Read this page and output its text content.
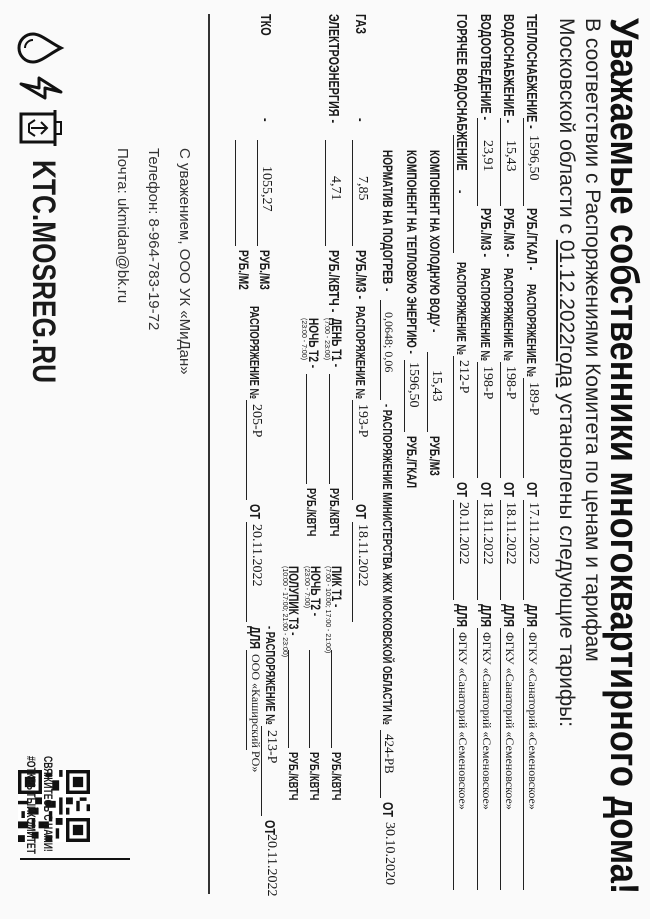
Уважаемые собственники многоквартирного дома!
В соответствии с Распоряжениями Комитета по ценам и тарифам
Московской области с 01.12.2022года установлены следующие тарифы:
ТЕПЛОСНАБЖЕНИЕ -
1596,50
РУБ./ГКАЛ -
РАСПОРЯЖЕНИЕ №
189-Р
ОТ
17.11.2022
ДЛЯ
ФГКУ «Санаторий «Семеновское»
ВОДОСНАБЖЕНИЕ -
15,43
РУБ./М3 -
РАСПОРЯЖЕНИЕ №
198-Р
ОТ
18.11.2022
ДЛЯ
ФГКУ «Санаторий «Семеновское»
ВОДООТВЕДЕНИЕ -
23,91
РУБ./М3 -
РАСПОРЯЖЕНИЕ №
198-Р
ОТ
18.11.2022
ДЛЯ
ФГКУ «Санаторий «Семеновское»
ГОРЯЧЕЕ ВОДОСНАБЖЕНИЕ
-
РАСПОРЯЖЕНИЕ №
212-Р
ОТ
20.11.2022
ДЛЯ
ФГКУ «Санаторий «Семеновское»
КОМПОНЕНТ НА ХОЛОДНУЮ ВОДУ -
15,43
РУБ./М3
КОМПОНЕНТ НА ТЕПЛОВУЮ ЭНЕРГИЮ -
1596,50
РУБ./ГКАЛ
НОРМАТИВ НА ПОДОГРЕВ
-
0,0648; 0,06
- РАСПОРЯЖЕНИЕ МИНИСТЕРСТВА ЖКХ МОСКОВСКОЙ ОБЛАСТИ №
424-РВ
ОТ
30.10.2020
ГАЗ
-
7,85
РУБ./М3 -
РАСПОРЯЖЕНИЕ №
193-Р
ОТ
18.11.2022
ЭЛЕКТРОЭНЕРГИЯ -
4,71
РУБ./КВТЧ -
ДЕНЬ Т1 -
(7:00 - 23:00)
НОЧЬ Т2 -
(23:00 - 7:00)
РУБ./КВТЧ
РУБ./КВТЧ
ПИК Т1 -
(7:00 - 10:00; 17:00 - 21:00)
НОЧЬ Т2 -
(23:00 - 7:00)
ПОЛУПИК Т3 -
(10:00 - 17:00; 21:00 - 23:00)
РУБ./КВТЧ
РУБ./КВТЧ
РУБ./КВТЧ
- РАСПОРЯЖЕНИЕ №
213-Р
ОТ
20.11.2022
ТКО
-
1055,27
РУБ./М3
РУБ./М2
РАСПОРЯЖЕНИЕ №
205-Р
ОТ
20.11.2022
ДЛЯ
ООО «Каширский РО»
С уважением, ООО УК «МиДан»
Телефон: 8-964-783-19-72
Почта: ukmidan@bk.ru
KTC.MOSREG.RU
СВЯЖИТЕСЬ С НАМИ!
#ОТКРЫТЫЙКОМИТЕТ
